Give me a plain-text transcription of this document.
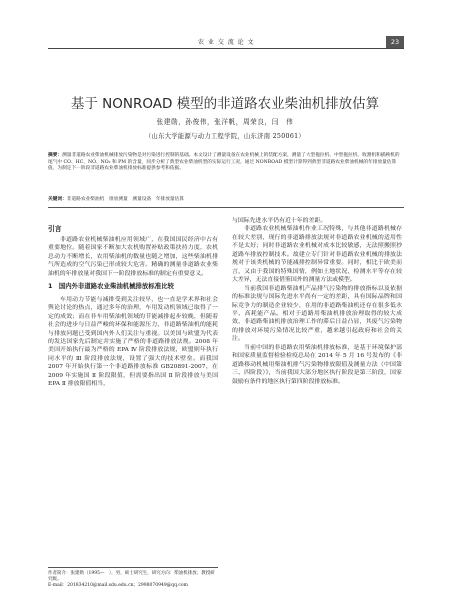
农 业 交 流 论 文	23
基于 NONROAD 模型的非道路农业柴油机排放估算
张建勋，孙俊伟，张洋帆，周荣良，闫　伟
（山东大学能源与动力工程学院，山东济南 250061）
摘要：测量非道路农业柴油机械排放污染物是对污染进行控制的基础。本文设计了测量设备在农业机械上的装配方案，测量了大型拖拉机、中型拖拉机、收割机和插秧机的尾气中 CO、HC、NO、NO₂ 和 PM 的含量，同步分析了典型农业柴油机型的实际运行工况，通过 NONROAD 模型计算得到典型非道路农业柴油机械的年排放量估算值，为制定下一阶段非道路农业柴油机排放标准提供参考和依据。
关键词：非道路农业柴油机　排放测量　测量设备　年排放量估算
引言

非道路农业机械柴油机应用领域广，在我国国民经济中占有重要地位。随着国家不断加大农机购置补贴政策扶持力度，农机总动力不断增长，农用柴油机的数量也随之增加，这些柴油机排气所造成的空气污染已形成较大危害。精确的测量非道路农业柴油机的年排放量对我国下一阶段排放标准的制定有重要意义。

1　国内外非道路农业柴油机械排放标准比较

车用动力节能与减排受到关注较早，也一直是学术界和社会舆论讨论的热点，通过多年的治理，车用发动机领域已取得了一定的成效；而在非车用柴油机领域的节能减排起步较晚，但随着社会的进步与日益严峻的环保和能源压力，非道路柴油机的能耗与排放问题已受到国内外人们关注与重视。以美国与欧盟为代表的发达国家先后制定并实施了严格的非道路排放法规。2008 年美国开始执行最为严格的 EPA Ⅳ 阶段排放法规，欧盟则年执行同水平的 Ⅲ 阶段排放法规，设置了强大的技术壁垒。而我国 2007 年开始执行第一个非道路排放标准 GB20891-2007，在 2009 年实施国 Ⅱ 阶段限值，但需要指出国 Ⅱ 阶段排放与美国 EPA Ⅱ 排放限值相当，

与国际先进水平仍有近十年的差距。

非道路农业机械柴油机作业工况特殊，与其他非道路机械存在较大差别，现行的非道路排放法规对非道路农业机械的适用性不是太好；同时非道路农业机械对成本比较敏感，无法照搬照抄道路车排放控制技术。故建立专门针对非道路农业机械的排放法规对于该类机械的节能减排控制异常重要。同时，相比于欧美而言，又由于我国的特殊国情，例如土地状况、检测水平等存在较大差异，无法直接借鉴国外的测量方法或模型。

当前我国非道路柴油机产品排气污染物的排放指标以及依据的标准法规与国际先进水平尚有一定的差距，具有国际品牌和国际竞争力的制造企业较少，在用的非道路柴油机还存在很多低水平、高耗能产品。相对于道路用柴油机排放治理取得的较大成效，非道路柴油机排放治理工作的滞后日益凸显，其废气污染物的排放对环境污染情况比较严重，越来越引起政府和社会的关注。

当前中国的非道路农用柴油机排放标准，是基于环境保护部和国家质量监督检验检疫总局在 2014 年 5 月 16 号发布的《非道路移动机械用柴油机排气污染物排放限值及测量方法（中国第三、四阶段）》，当前我国大部分地区执行阶段是第三阶段，国家鼓励有条件的地区执行第四阶段排放标准。

作者简介：张建勋（1995—　），男，硕士研究生，研究方向：柴油机排放；教授研究级。
E-mail：201834210@mail.sdu.edu.cn；2998070949@qq.com
